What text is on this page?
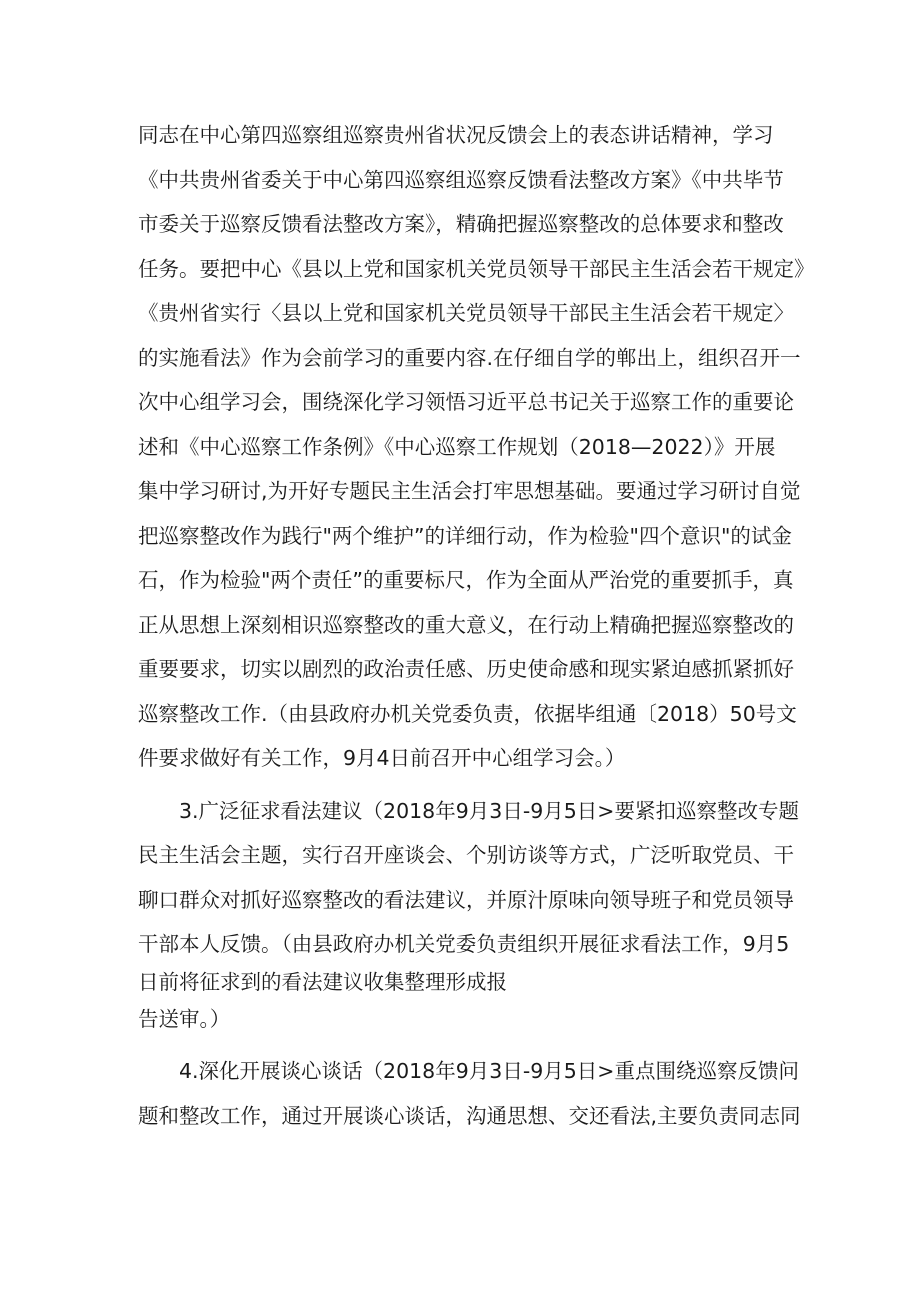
同志在中心第四巡察组巡察贵州省状况反馈会上的表态讲话精神，学习
《中共贵州省委关于中心第四巡察组巡察反馈看法整改方案》《中共毕节
市委关于巡察反馈看法整改方案》，精确把握巡察整改的总体要求和整改
任务。要把中心《县以上党和国家机关党员领导干部民主生活会若干规定》
《贵州省实行〈县以上党和国家机关党员领导干部民主生活会若干规定〉
的实施看法》作为会前学习的重要内容.在仔细自学的郸出上，组织召开一
次中心组学习会，围绕深化学习领悟习近平总书记关于巡察工作的重要论
述和《中心巡察工作条例》《中心巡察工作规划（2018—2022）》开展
集中学习研讨,为开好专题民主生活会打牢思想基础。要通过学习研讨自觉
把巡察整改作为践行"两个维护”的详细行动，作为检验"四个意识"的试金
石，作为检验"两个责任”的重要标尺，作为全面从严治党的重要抓手，真
正从思想上深刻相识巡察整改的重大意义，在行动上精确把握巡察整改的
重要要求，切实以剧烈的政治责任感、历史使命感和现实紧迫感抓紧抓好
巡察整改工作.（由县政府办机关党委负责，依据毕组通〔2018）50号文
件要求做好有关工作，9月4日前召开中心组学习会。）
3.广泛征求看法建议（2018年9月3日-9月5日>要紧扣巡察整改专题
民主生活会主题，实行召开座谈会、个别访谈等方式，广泛听取党员、干
聊口群众对抓好巡察整改的看法建议，并原汁原味向领导班子和党员领导
干部本人反馈。（由县政府办机关党委负责组织开展征求看法工作，9月5
日前将征求到的看法建议收集整理形成报
告送审。）
4.深化开展谈心谈话（2018年9月3日-9月5日>重点围绕巡察反馈问
题和整改工作，通过开展谈心谈话，沟通思想、交还看法,主要负责同志同
